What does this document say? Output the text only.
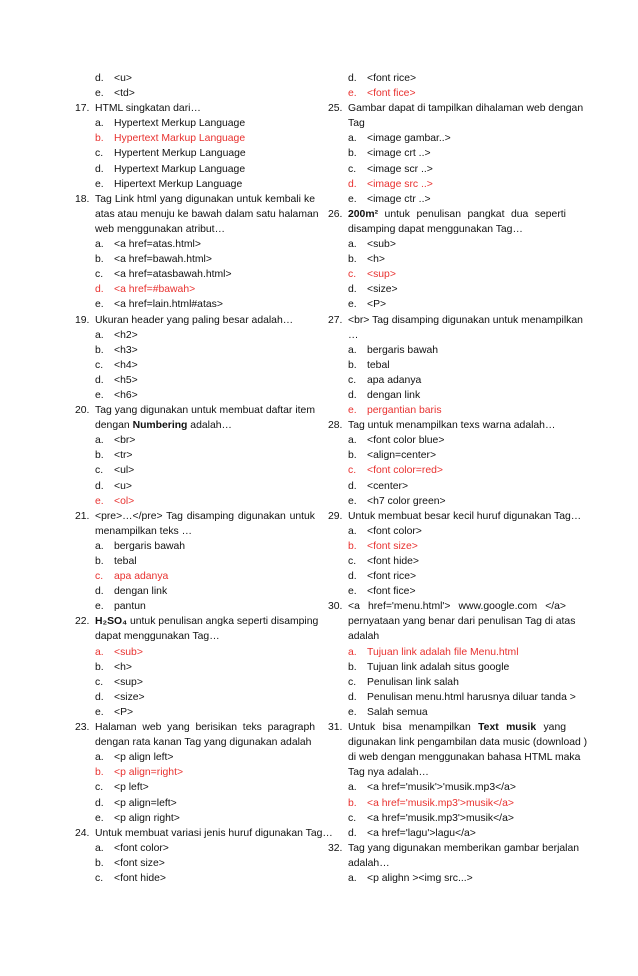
d. <u>
e. <td>
17. HTML singkatan dari…
a. Hypertext Merkup Language
b. Hypertext Markup Language
c.	Hypertent Merkup Language
d. Hypertext Markup Language
e. Hipertext Merkup Language
18. Tag Link html yang digunakan untuk kembali ke
atas atau menuju ke bawah dalam satu halaman
web menggunakan atribut…
a. <a href=atas.html>
b. <a href=bawah.html>
c.	<a href=atasbawah.html>
d. <a href=#bawah>
e. <a href=lain.html#atas>
19. Ukuran header yang paling besar adalah…
a. <h2>
b. <h3>
c.	<h4>
d. <h5>
e. <h6>
20. Tag yang digunakan untuk membuat daftar item
dengan Numbering adalah…
a. <br>
b. <tr>
c.	<ul>
d. <u>
e. <ol>
21. <pre>…</pre> Tag disamping digunakan untuk
menampilkan teks …
a. bergaris bawah
b. tebal
c.	apa adanya
d. dengan link
e. pantun
22. H₂SO₄ untuk penulisan angka seperti disamping
dapat menggunakan Tag…
a. <sub>
b. <h>
c.	<sup>
d. <size>
e. <P>
23. Halaman web yang berisikan teks paragraph
dengan rata kanan Tag yang digunakan adalah
a. <p align left>
b. <p align=right>
c.	<p left>
d. <p align=left>
e. <p align right>
24. Untuk membuat variasi jenis huruf digunakan Tag…
a. <font color>
b. <font size>
c.	<font hide>
d. <font rice>
e. <font fice>
25. Gambar dapat di tampilkan dihalaman web dengan
Tag
a. <image gambar..>
b. <image crt ..>
c.	<image scr ..>
d. <image src ..>
e. <image ctr ..>
26. 200m² untuk penulisan pangkat dua seperti
disamping dapat menggunakan Tag…
a. <sub>
b. <h>
c.	<sup>
d. <size>
e. <P>
27. <br> Tag disamping digunakan untuk menampilkan
…
a. bergaris bawah
b. tebal
c.	apa adanya
d. dengan link
e. pergantian baris
28. Tag untuk menampilkan texs warna adalah…
a. <font color blue>
b. <align=center>
c.	<font color=red>
d. <center>
e. <h7 color green>
29. Untuk membuat besar kecil huruf digunakan Tag…
a. <font color>
b. <font size>
c.	<font hide>
d. <font rice>
e. <font fice>
30. <a href='menu.html'> www.google.com </a>
pernyataan yang benar dari penulisan Tag di atas
adalah
a. Tujuan link adalah file Menu.html
b. Tujuan link adalah situs google
c.	Penulisan link salah
d. Penulisan menu.html harusnya diluar tanda >
e. Salah semua
31. Untuk bisa menampilkan Text musik yang
digunakan link pengambilan data music (download )
di web dengan menggunakan bahasa HTML maka
Tag nya adalah…
a. <a href='musik'>'musik.mp3</a>
b. <a href='musik.mp3'>musik</a>
c.	<a href='musik.mp3'>musik</a>
d. <a href='lagu'>lagu</a>
32. Tag yang digunakan memberikan gambar berjalan
adalah…
a. <p alighn ><img src...>
